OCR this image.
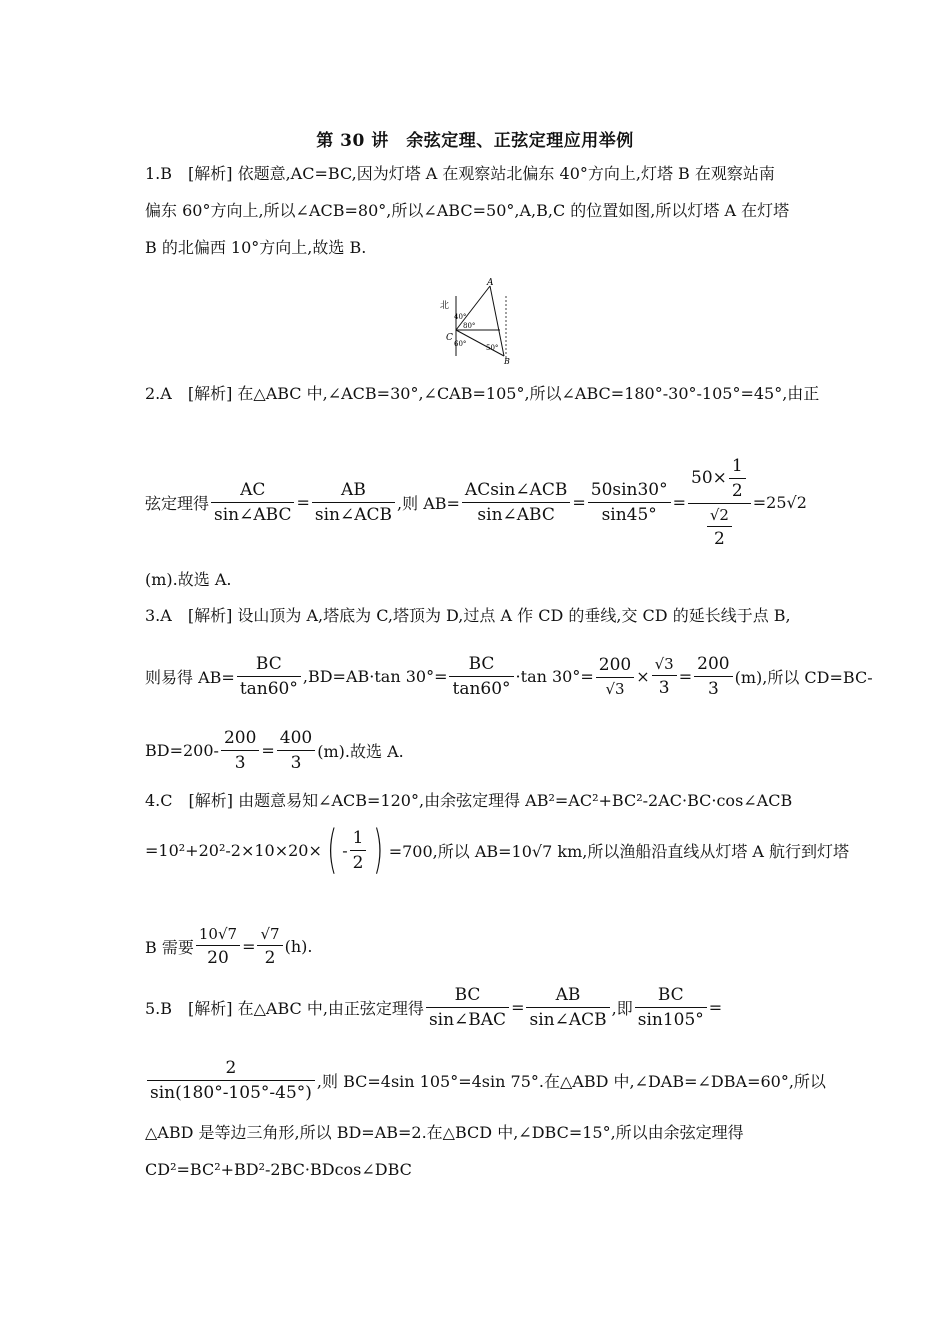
第 30 讲　余弦定理、正弦定理应用举例
1.B　[解析] 依题意,AC=BC,因为灯塔 A 在观察站北偏东 40°方向上,灯塔 B 在观察站南
偏东 60°方向上,所以∠ACB=80°,所以∠ABC=50°,A,B,C 的位置如图,所以灯塔 A 在灯塔
B 的北偏西 10°方向上,故选 B.
北
A
B
C
40°
80°
60°	50°
2.A　[解析] 在△ABC 中,∠ACB=30°,∠CAB=105°,所以∠ABC=180°-30°-105°=45°,由正
弦定理得 $\frac{AC}{\text{sin∠ABC}} = \frac{AB}{\text{sin∠ACB}}$ ,则 $AB= \frac{\text{ACsin∠ACB}}{\text{sin∠ABC}} = \frac{50\sin 30^\circ}{\sin 45^\circ} = \frac{50\times \frac{1}{2}}{\frac{√2}{2}} =25√2$
(m).故选 A.
3.A　[解析] 设山顶为 A,塔底为 C,塔顶为 D,过点 A 作 CD 的垂线,交 CD 的延长线于点 B,
则易得 $AB= \frac{BC}{\tan 60^\circ} ,BD=AB\cdot\tan$ $30^\circ= \frac{BC}{\tan 60^\circ} \cdot\tan$ $30^\circ= \frac{200}{√3} \times \frac{√3}{3} = \frac{200}{3} (m)$,所以 CD=BC-
$BD=200- \frac{200}{3} = \frac{400}{3} (m)$.故选 A.
4.C　[解析] 由题意易知∠ACB=120°,由余弦定理得 AB²=AC²+BC²-2AC·BC·cos∠ACB
=10²+20²-2×10×20× ( - $\frac{1}{2}$ ) =700,所以 AB=10√7 km,所以渔船沿直线从灯塔 A 航行到灯塔
B 需要 $\frac{10√7}{20} = \frac{√7}{2} (h)$.
5.B　[解析] 在△ABC 中,由正弦定理得 $\frac{BC}{\text{sin∠BAC}} = \frac{AB}{\text{sin∠ACB}}$ ,即 $\frac{BC}{\sin 105^\circ}$ =
$\frac{2}{\sin(180^\circ-105^\circ-45^\circ)}$ ,则 BC=4sin 105°=4sin 75°.在△ABD 中,∠DAB=∠DBA=60°,所以
△ABD 是等边三角形,所以 BD=AB=2.在△BCD 中,∠DBC=15°,所以由余弦定理得
CD²=BC²+BD²-2BC·BDcos∠DBC
